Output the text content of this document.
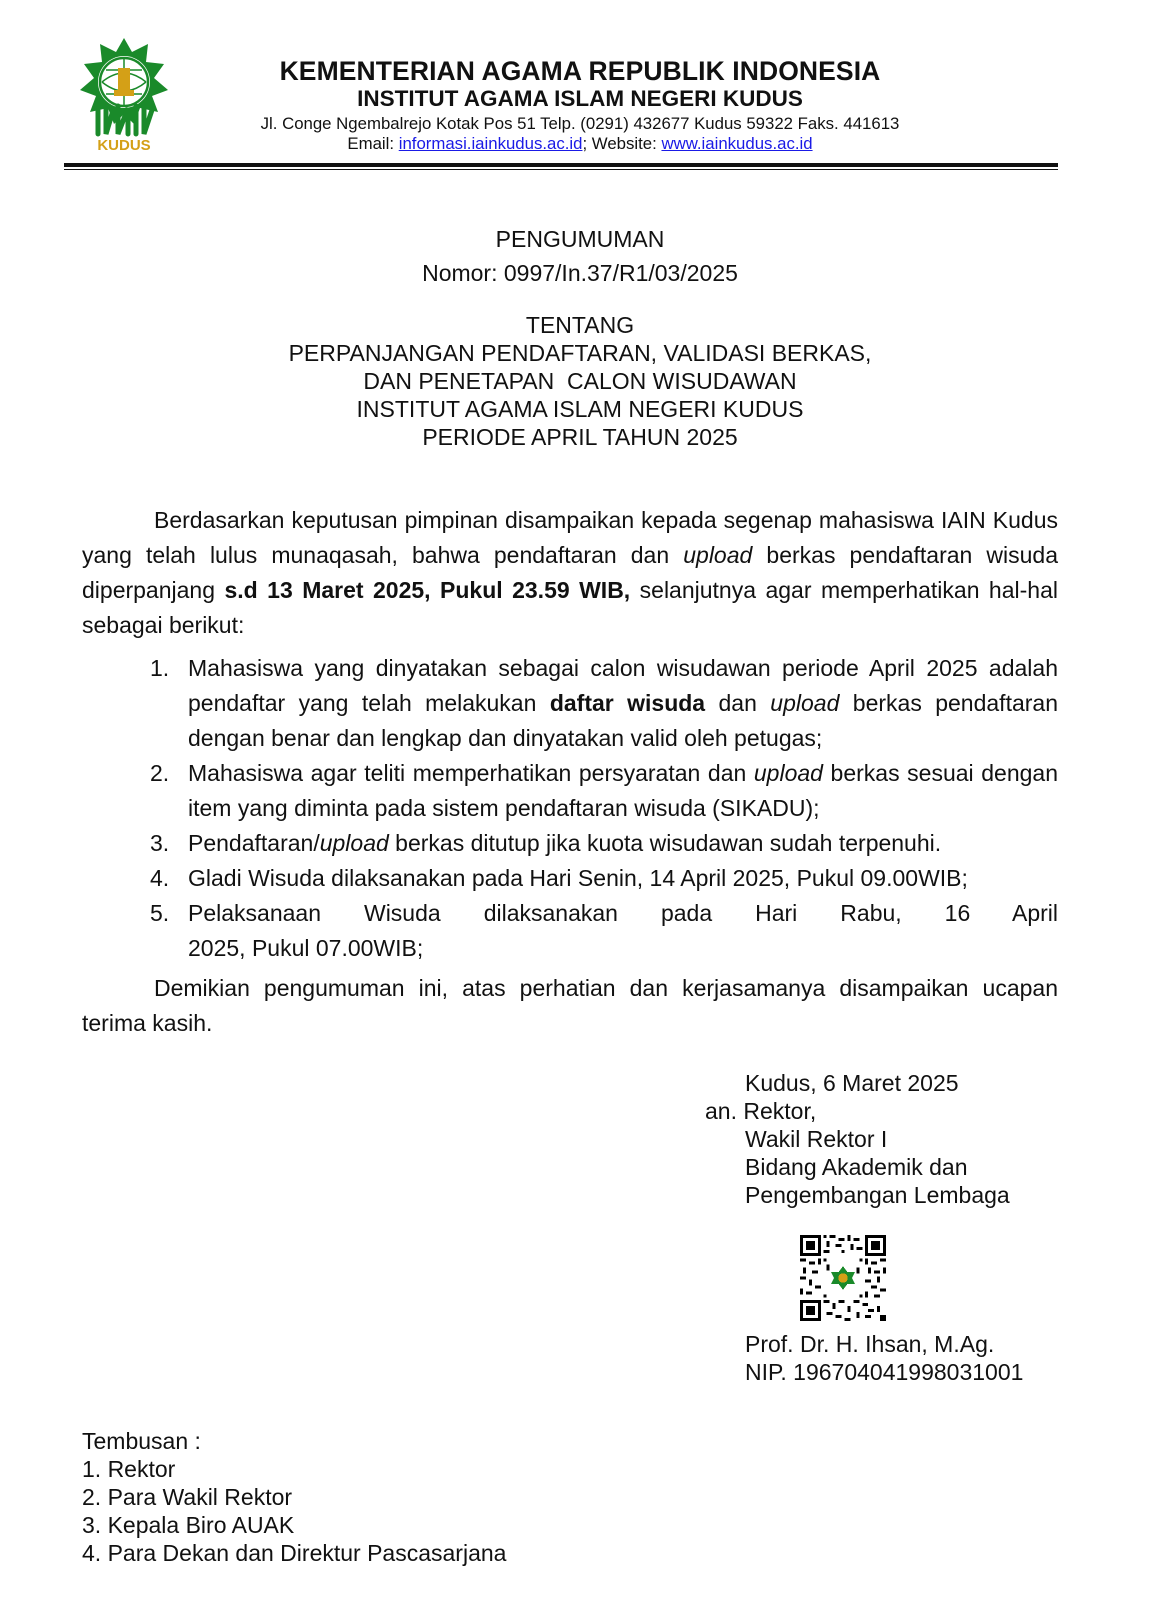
KUDUS
KEMENTERIAN AGAMA REPUBLIK INDONESIA
INSTITUT AGAMA ISLAM NEGERI KUDUS
Jl. Conge Ngembalrejo Kotak Pos 51 Telp. (0291) 432677 Kudus 59322 Faks. 441613
Email: informasi.iainkudus.ac.id; Website: www.iainkudus.ac.id
PENGUMUMAN
Nomor: 0997/In.37/R1/03/2025
TENTANG
PERPANJANGAN PENDAFTARAN, VALIDASI BERKAS,
DAN PENETAPAN  CALON WISUDAWAN
INSTITUT AGAMA ISLAM NEGERI KUDUS
PERIODE APRIL TAHUN 2025

Berdasarkan keputusan pimpinan disampaikan kepada segenap mahasiswa IAIN Kudus yang telah lulus munaqasah, bahwa pendaftaran dan upload berkas pendaftaran wisuda diperpanjang s.d 13 Maret 2025, Pukul 23.59 WIB, selanjutnya agar memperhatikan hal-hal sebagai berikut:

1. Mahasiswa yang dinyatakan sebagai calon wisudawan periode April 2025 adalah pendaftar yang telah melakukan daftar wisuda dan upload berkas pendaftaran dengan benar dan lengkap dan dinyatakan valid oleh petugas;
2. Mahasiswa agar teliti memperhatikan persyaratan dan upload berkas sesuai dengan item yang diminta pada sistem pendaftaran wisuda (SIKADU);
3. Pendaftaran/upload berkas ditutup jika kuota wisudawan sudah terpenuhi.
4. Gladi Wisuda dilaksanakan pada Hari Senin, 14 April 2025, Pukul 09.00WIB;
5. Pelaksanaan Wisuda dilaksanakan pada Hari Rabu, 16 April
2025, Pukul 07.00WIB;

Demikian pengumuman ini, atas perhatian dan kerjasamanya disampaikan ucapan terima kasih.

Kudus, 6 Maret 2025
an. Rektor,
Wakil Rektor I
Bidang Akademik dan
Pengembangan Lembaga
Prof. Dr. H. Ihsan, M.Ag.
NIP. 196704041998031001
Tembusan :
1. Rektor
2. Para Wakil Rektor
3. Kepala Biro AUAK
4. Para Dekan dan Direktur Pascasarjana
